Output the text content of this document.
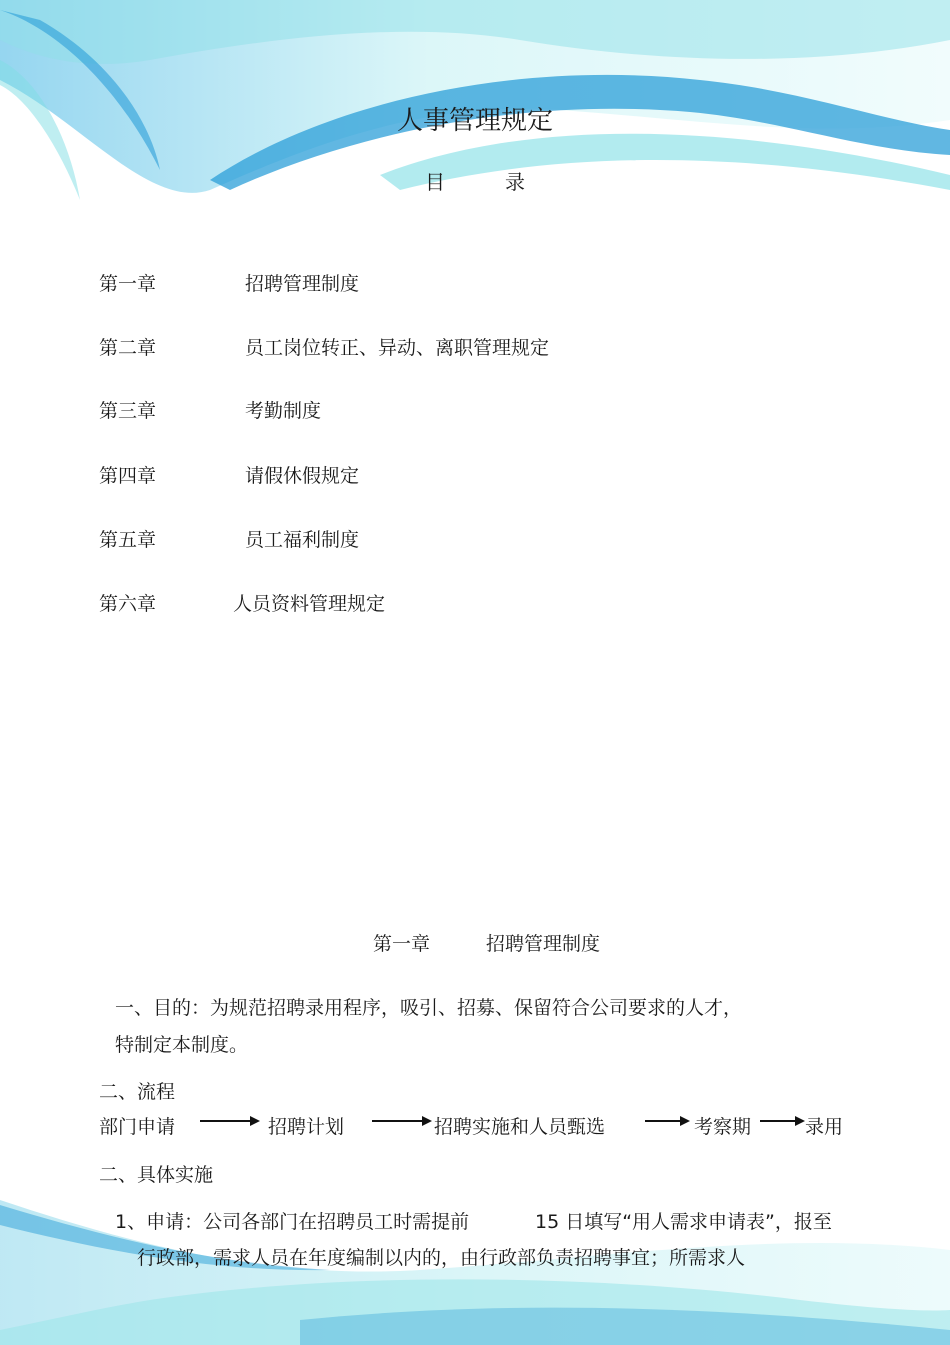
人事管理规定
目	录
第一章	招聘管理制度
第二章	员工岗位转正、异动、离职管理规定
第三章	考勤制度
第四章	请假休假规定
第五章	员工福利制度
第六章	人员资料管理规定
第一章	招聘管理制度
一、目的：为规范招聘录用程序，吸引、招募、保留符合公司要求的人才，
特制定本制度。
二、流程
部门申请	招聘计划	招聘实施和人员甄选	考察期	录用
二、具体实施
1、申请：公司各部门在招聘员工时需提前	15 日填写“用人需求申请表”，报至
行政部，需求人员在年度编制以内的，由行政部负责招聘事宜；所需求人
